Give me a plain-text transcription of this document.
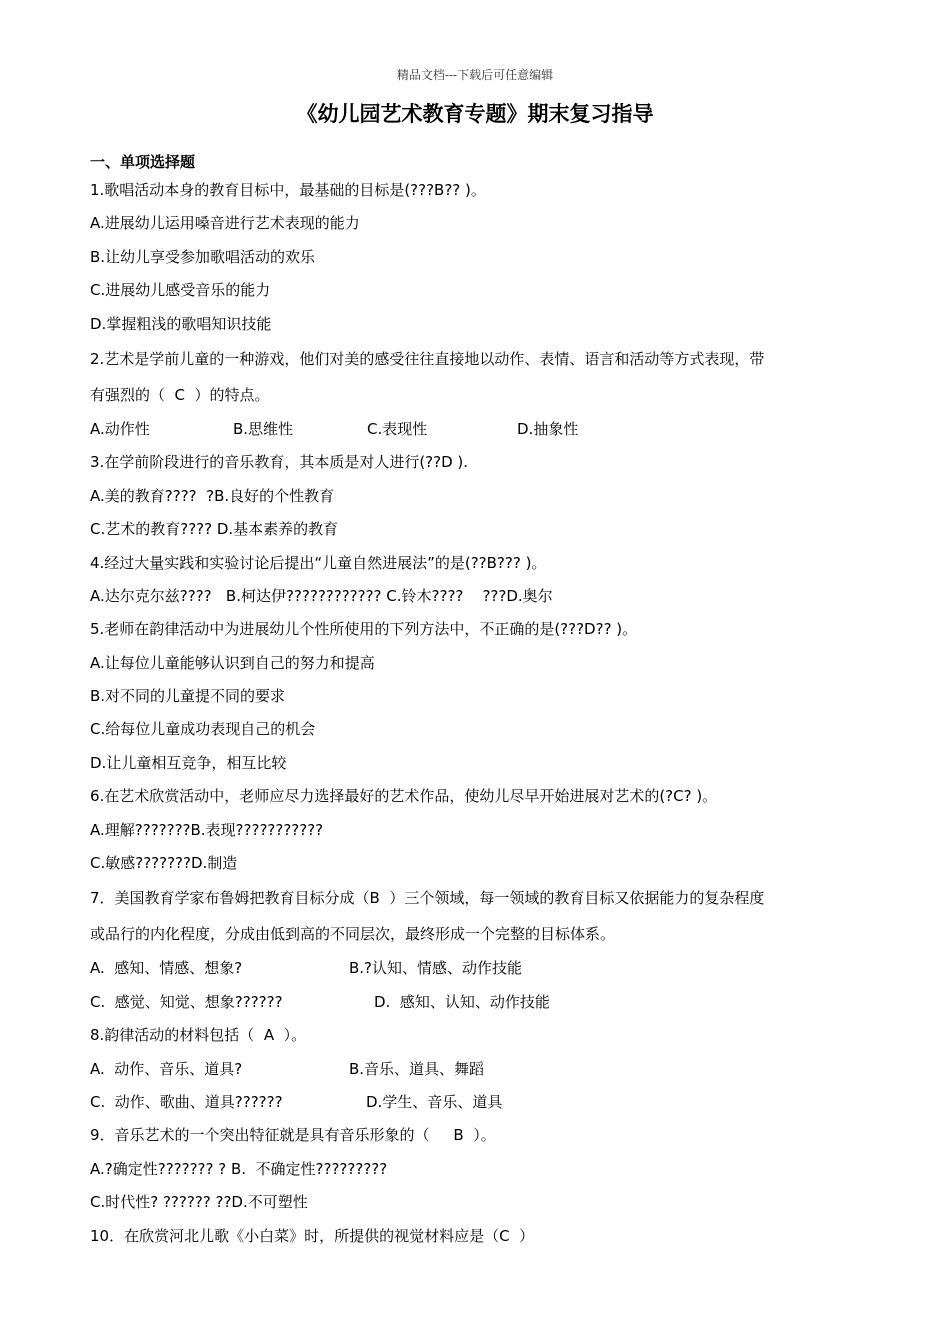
精品文档---下载后可任意编辑
《幼儿园艺术教育专题》期末复习指导
一、单项选择题
1.歌唱活动本身的教育目标中，最基础的目标是(???B?? )。
A.进展幼儿运用嗓音进行艺术表现的能力
B.让幼儿享受参加歌唱活动的欢乐
C.进展幼儿感受音乐的能力
D.掌握粗浅的歌唱知识技能
2.艺术是学前儿童的一种游戏，他们对美的感受往往直接地以动作、表情、语言和活动等方式表现，带
有强烈的（  C  ）的特点。
A.动作性	B.思维性	C.表现性	D.抽象性
3.在学前阶段进行的音乐教育，其本质是对人进行(??D ).
A.美的教育????  ?B.良好的个性教育
C.艺术的教育???? D.基本素养的教育
4.经过大量实践和实验讨论后提出“儿童自然进展法”的是(??B??? )。
A.达尔克尔兹????   B.柯达伊???????????? C.铃木????    ???D.奥尔
5.老师在韵律活动中为进展幼儿个性所使用的下列方法中，不正确的是(???D?? )。
A.让每位儿童能够认识到自己的努力和提高
B.对不同的儿童提不同的要求
C.给每位儿童成功表现自己的机会
D.让儿童相互竞争，相互比较
6.在艺术欣赏活动中，老师应尽力选择最好的艺术作品，使幼儿尽早开始进展对艺术的(?C? )。
A.理解???????B.表现???????????
C.敏感???????D.制造
7．美国教育学家布鲁姆把教育目标分成（B  ）三个领域，每一领域的教育目标又依据能力的复杂程度
或品行的内化程度，分成由低到高的不同层次，最终形成一个完整的目标体系。
A.  感知、情感、想象?	B.?认知、情感、动作技能
C.  感觉、知觉、想象??????	D.  感知、认知、动作技能
8.韵律活动的材料包括（  A  ）。
A.  动作、音乐、道具?	B.音乐、道具、舞蹈
C.  动作、歌曲、道具??????	D.学生、音乐、道具
9．音乐艺术的一个突出特征就是具有音乐形象的（     B  ）。
A.?确定性??????? ? B.  不确定性?????????
C.时代性? ?????? ??D.不可塑性
10．在欣赏河北儿歌《小白菜》时，所提供的视觉材料应是（C  ）
